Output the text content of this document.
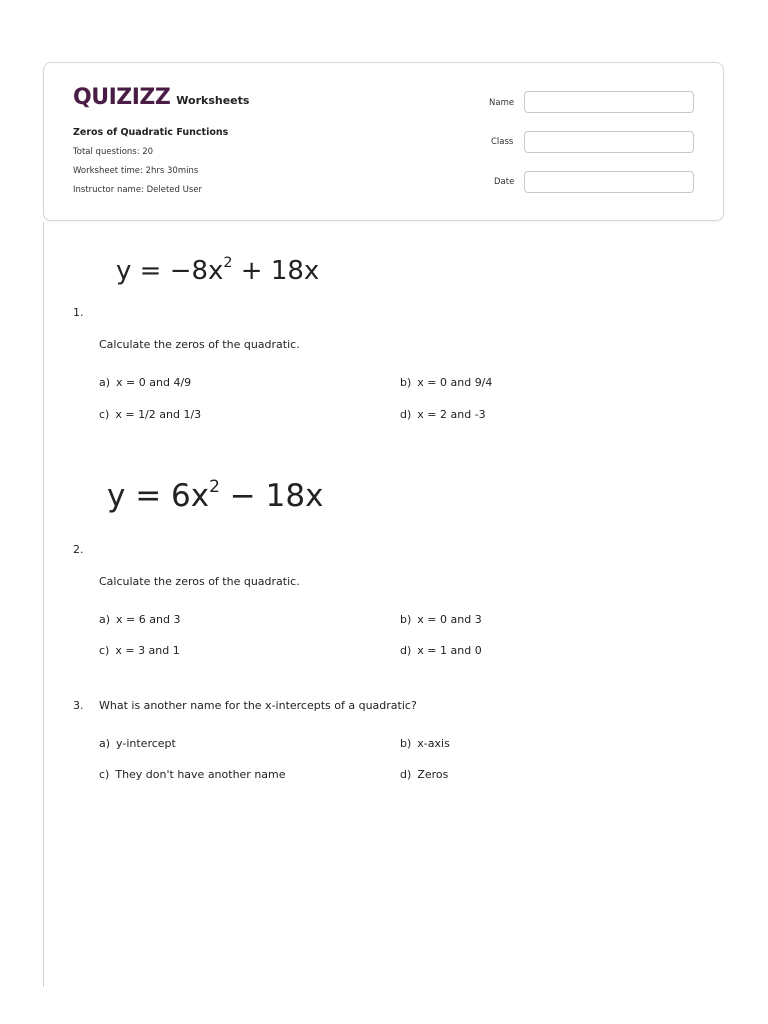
QUIZIZZ Worksheets
Zeros of Quadratic Functions
Total questions: 20
Worksheet time: 2hrs 30mins
Instructor name: Deleted User
Name
Class
Date
$y = -8x^2 + 18x$
1.
Calculate the zeros of the quadratic.
a) x = 0 and 4/9	b) x = 0 and 9/4
c) x = 1/2 and 1/3	d) x = 2 and -3
$y = 6x^2 - 18x$
2.
Calculate the zeros of the quadratic.
a) x = 6 and 3	b) x = 0 and 3
c) x = 3 and 1	d) x = 1 and 0
3. What is another name for the x-intercepts of a quadratic?
a) y-intercept	b) x-axis
c) They don't have another name	d) Zeros
